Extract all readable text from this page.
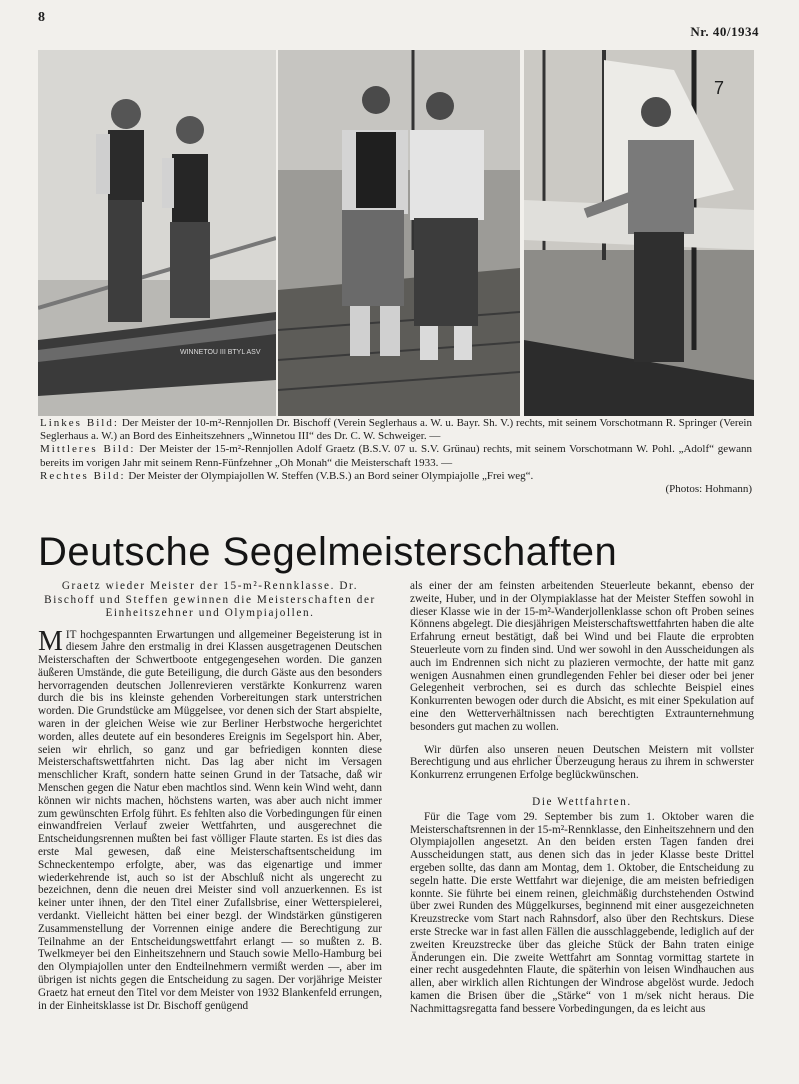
8
Nr. 40/1934
WINNETOU III BTYL ASV
7

Linkes Bild: Der Meister der 10-m²-Rennjollen Dr. Bischoff (Verein Seglerhaus a. W. u. Bayr. Sh. V.) rechts, mit seinem Vorschotmann R. Springer (Verein Seglerhaus a. W.) an Bord des Einheitszehners „Winnetou III“ des Dr. C. W. Schweiger. —

Mittleres Bild: Der Meister der 15-m²-Rennjollen Adolf Graetz (B.S.V. 07 u. S.V. Grünau) rechts, mit seinem Vorschotmann W. Pohl. „Adolf“ gewann bereits im vorigen Jahr mit seinem Renn-Fünfzehner „Oh Monah“ die Meisterschaft 1933. —

Rechtes Bild: Der Meister der Olympiajollen W. Steffen (V.B.S.) an Bord seiner Olympiajolle „Frei weg“.

(Photos: Hohmann)

Deutsche Segelmeisterschaften

Graetz wieder Meister der 15-m²-Rennklasse. Dr. Bischoff und Steffen gewinnen die Meisterschaften der Einheitszehner und Olympiajollen.

MIT hochgespannten Erwartungen und allgemeiner Begeisterung ist in diesem Jahre den erstmalig in drei Klassen ausgetragenen Deutschen Meisterschaften der Schwertboote entgegengesehen worden. Die ganzen äußeren Umstände, die gute Beteiligung, die durch Gäste aus den besonders hervorragenden deutschen Jollenrevieren verstärkte Konkurrenz waren durch die bis ins kleinste gehenden Vorbereitungen stark unterstrichen worden. Die Grundstücke am Müggelsee, vor denen sich der Start abspielte, waren in der gleichen Weise wie zur Berliner Herbstwoche hergerichtet worden, alles deutete auf ein besonderes Ereignis im Segelsport hin. Aber, seien wir ehrlich, so ganz und gar befriedigen konnten diese Meisterschaftswettfahrten nicht. Das lag aber nicht im Versagen menschlicher Kraft, sondern hatte seinen Grund in der Tatsache, daß wir Menschen gegen die Natur eben machtlos sind. Wenn kein Wind weht, dann können wir nichts machen, höchstens warten, was aber auch nicht immer zum gewünschten Erfolg führt. Es fehlten also die Vorbedingungen für einen einwandfreien Verlauf zweier Wettfahrten, und ausgerechnet die Entscheidungsrennen mußten bei fast völliger Flaute starten. Es ist dies das erste Mal gewesen, daß eine Meisterschaftsentscheidung im Schneckentempo erfolgte, aber, was das eigenartige und immer wiederkehrende ist, auch so ist der Abschluß nicht als ungerecht zu bezeichnen, denn die neuen drei Meister sind voll anzuerkennen. Es ist keiner unter ihnen, der den Titel einer Zufallsbrise, einer Wetterspielerei, verdankt. Vielleicht hätten bei einer bezgl. der Windstärken günstigeren Zusammenstellung der Vorrennen einige andere die Berechtigung zur Teilnahme an der Entscheidungswettfahrt erlangt — so mußten z. B. Twelkmeyer bei den Einheitszehnern und Stauch sowie Mello-Hamburg bei den Olympiajollen unter den Endteilnehmern vermißt werden —, aber im übrigen ist nichts gegen die Entscheidung zu sagen. Der vorjährige Meister Graetz hat erneut den Titel vor dem Meister von 1932 Blankenfeld errungen, in der Einheitsklasse ist Dr. Bischoff genügend

als einer der am feinsten arbeitenden Steuerleute bekannt, ebenso der zweite, Huber, und in der Olympiaklasse hat der Meister Steffen sowohl in dieser Klasse wie in der 15-m²-Wanderjollenklasse schon oft Proben seines Könnens abgelegt. Die diesjährigen Meisterschaftswettfahrten haben die alte Erfahrung erneut bestätigt, daß bei Wind und bei Flaute die erprobten Steuerleute vorn zu finden sind. Und wer sowohl in den Ausscheidungen als auch im Endrennen sich nicht zu plazieren vermochte, der hatte mit ganz wenigen Ausnahmen einen grundlegenden Fehler bei dieser oder bei jener Gelegenheit verbrochen, sei es durch das schlechte Beispiel eines Konkurrenten bewogen oder durch die Absicht, es mit einer Spekulation auf eine den Wetterverhältnissen nach berechtigten Extraunternehmung besonders gut machen zu wollen.

Wir dürfen also unseren neuen Deutschen Meistern mit vollster Berechtigung und aus ehrlicher Überzeugung heraus zu ihrem in schwerster Konkurrenz errungenen Erfolge beglückwünschen.

Die Wettfahrten.

Für die Tage vom 29. September bis zum 1. Oktober waren die Meisterschaftsrennen in der 15-m²-Rennklasse, den Einheitszehnern und den Olympiajollen angesetzt. An den beiden ersten Tagen fanden drei Ausscheidungen statt, aus denen sich das in jeder Klasse beste Drittel ergeben sollte, das dann am Montag, dem 1. Oktober, die Entscheidung zu segeln hatte. Die erste Wettfahrt war diejenige, die am meisten befriedigen konnte. Sie führte bei einem reinen, gleichmäßig durchstehenden Ostwind über zwei Runden des Müggelkurses, beginnend mit einer ausgezeichneten Kreuzstrecke vom Start nach Rahnsdorf, also über den Rechtskurs. Diese erste Strecke war in fast allen Fällen die ausschlaggebende, lediglich auf der zweiten Kreuzstrecke über das gleiche Stück der Bahn traten einige Änderungen ein. Die zweite Wettfahrt am Sonntag vormittag startete in einer recht ausgedehnten Flaute, die späterhin von leisen Windhauchen aus allen, aber wirklich allen Richtungen der Windrose abgelöst wurde. Jedoch kamen die Brisen über die „Stärke“ von 1 m/sek nicht heraus. Die Nachmittagsregatta fand bessere Vorbedingungen, da es leicht aus
